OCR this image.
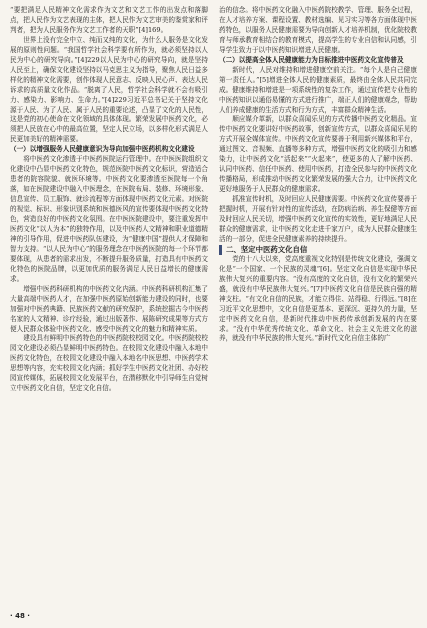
“要把满足人民精神文化需求作为文艺和文艺工作的出发点和落脚点，把人民作为文艺表现的主体，把人民作为文艺审美的鉴赏家和评判者，把为人民服务作为文艺工作者的天职”[4]169。

世界上没有完全中立、纯而又纯的文化，为什么人服务是文化发展的原则性问题。“我国哲学社会科学要有所作为，就必须坚持以人民为中心的研究导向。”[4]229以人民为中心的研究导向，就是坚持人民至上，确保文化建设坚持以马克思主义为指导，聚焦人民日益多样化的精神文化需要，创作体现人民意志、反映人民心声、表达人民诉求的高质量文化作品。“脱离了人民，哲学社会科学就不会有吸引力、感染力、影响力、生命力。”[4]229习近平总书记关于坚持文化源于人民、为了人民、属于人民的重要论述，凸显了文化的人民性，这是党的初心使命在文化领域的具体体现。繁荣发展中医药文化，必须把人民放在心中的最高位置，坚定人民立场，以多样化形式满足人民更加美好的精神需要。

（一）以增强服务人民健康意识为导向加强中医药机构文化建设

将中医药文化渗透于中医药医院运行管理中。在中医医院组织文化建设中凸显中医药文化特色，规范医院中医药文化标识，营造适合患者的院容院貌、就医环境等。中医药文化要渗透至医院每一个角落，如在医院建设中融入中医理念，在医院布局、装修、环境形象、信息宣传、员工服饰、就诊流程等方面体现中医药文化元素。对医院的视觉、标识、形象识别系统和医德医风的宣传要体现中医药文化特色，营造良好的中医药文化氛围。在中医医院建设中，要注重发挥中医药文化“以人为本”的独特作用，以及中医药人文精神和职业道德精神的引导作用，促进中医药队伍建设，为“健康中国”提供人才保障和智力支持。“以人民为中心”的服务理念在中医药医院的每一个环节都要体现，从患者的需求出发，不断提升服务质量，打造具有中医药文化特色的医院品牌，以更加优质的服务满足人民日益增长的健康需求。

增强中医药科研机构的中医药文化内涵。中医药科研机构汇集了大量高端中医药人才，在加强中医药原始创新能力建设的同时，也要加强对中医药典籍、民族医药文献的研究保护，系统挖掘古今中医药名家的人文精神、诊疗经验，通过出版著作、展陈研究成果等方式方便人民群众体验中医药文化、感受中医药文化的魅力和精神实质。

建设具有鲜明中医药特色的中医药院校校园文化。中医药院校校园文化建设必须凸显鲜明中医药特色。在校园文化建设中融入本地中医药文化特色，在校园文化建设中融入本地名中医思想、中医药学术思想等内容，充实校园文化内涵；抓好学生中医药文化社团、办好校园宣传媒体，拓展校园文化发展平台，在潜移默化中引导师生自觉树立中医药文化自信，坚定文化自信。

治的信念。将中医药文化融入中医药院校教学、管理、服务全过程，在人才培养方案、课程设置、教材选编、见习实习等各方面体现中医药特色，以服务人民健康需要为导向创新人才培养机制，优化院校教育与师承教育相结合的教育模式，提高学生的专业自信和认同感，引导学生致力于以中医药知识增进人民健康。

（二）以提高全体人民健康能力为目标推进中医药文化宣传普及

新时代，人民对维持和增进健康空前关注。“每个人是自己健康第一责任人。”[5]增进全体人民的健康素质，最终由全体人民共同完成。健康维持和增进是一项系统性的复杂工作，通过宣传把专业性的中医药知识以通俗易懂的方式进行推广，端正人们的健康观念，帮助人们养成健康的生活方式和行为方式，丰富群众精神生活。

顺应媒介革新，以群众喜闻乐见的方式传播中医药文化精品。宣传中医药文化要讲好中医药故事，创新宣传方式，以群众喜闻乐见的方式开展全媒体宣传。中医药文化宣传要善于利用新兴媒体和平台，通过图文、音视频、直播等多种方式，增强中医药文化的吸引力和感染力，让中医药文化“活起来”“火起来”，使更多的人了解中医药、认同中医药、信任中医药、使用中医药，打造全民参与的中医药文化传播格局，形成推动中医药文化繁荣发展的强大合力，让中医药文化更好地服务于人民群众的健康需求。

抓准宣传时机，及时回应人民健康需要。中医药文化宣传要善于把握时机，开展有针对性的宣传活动，在防病治病、养生保健等方面及时回应人民关切，增强中医药文化宣传的实效性，更好地满足人民群众的健康需求，让中医药文化走进千家万户，成为人民群众健康生活的一部分，促进全民健康素养的持续提升。

二、坚定中医药文化自信

党的十八大以来，党高度重视文化特别是传统文化建设，强调文化是“一个国家、一个民族的灵魂”[6]。坚定文化自信是实现中华民族伟大复兴的重要内容。“没有高度的文化自信，没有文化的繁荣兴盛，就没有中华民族伟大复兴。”[7]中医药文化自信是民族自强的精神支柱。“有文化自信的民族，才能立得住、站得稳、行得远。”[8]在习近平文化思想中，文化自信是更基本、更深沉、更持久的力量，坚定中医药文化自信，是新时代推动中医药传承创新发展的内在要求。“没有中华优秀传统文化、革命文化、社会主义先进文化的滋养，就没有中华民族的伟大复兴。”新时代文化自信主体的广

· 48 ·
